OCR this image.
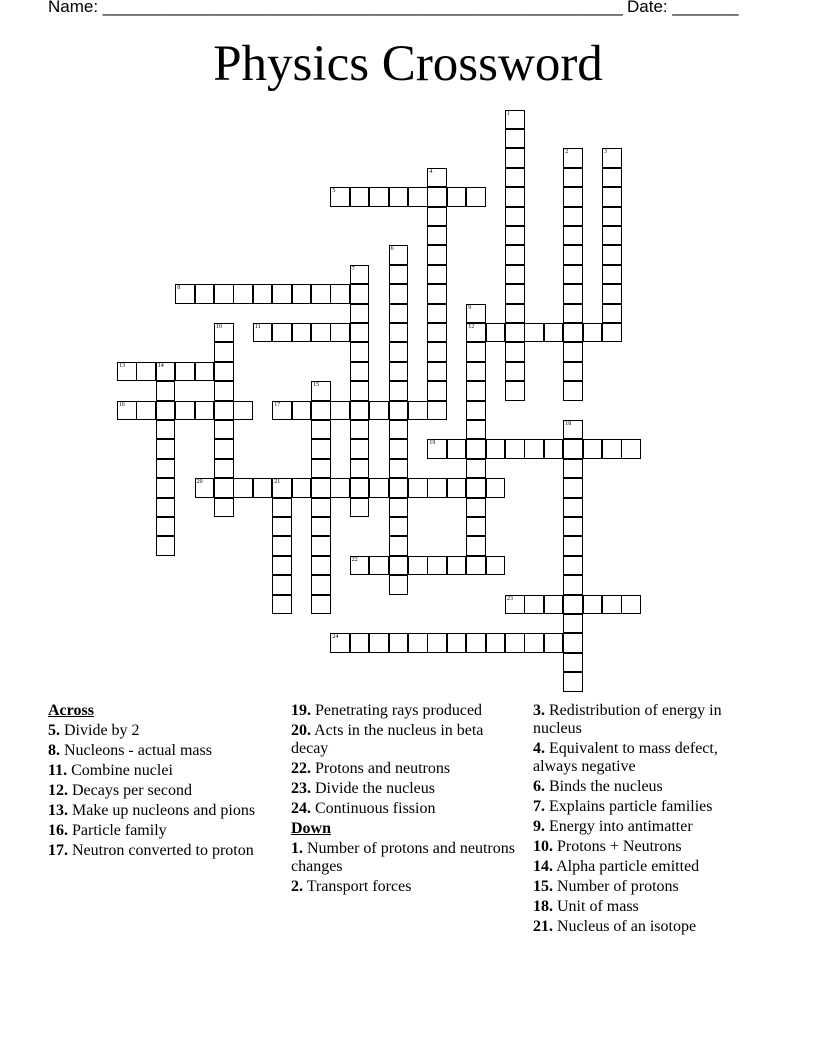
Name: _______________________________________________________ Date: _______
Physics Crossword
1
2	3
4
5
6
7
8
9
12
10	11
13	14
15
16	17
18
19
20	21
22
23
24
Across
5. Divide by 2
8. Nucleons - actual mass
11. Combine nuclei
12. Decays per second
13. Make up nucleons and pions
16. Particle family
17. Neutron converted to proton
19. Penetrating rays produced
20. Acts in the nucleus in beta decay
22. Protons and neutrons
23. Divide the nucleus
24. Continuous fission
Down
1. Number of protons and neutrons changes
2. Transport forces
3. Redistribution of energy in nucleus
4. Equivalent to mass defect, always negative
6. Binds the nucleus
7. Explains particle families
9. Energy into antimatter
10. Protons + Neutrons
14. Alpha particle emitted
15. Number of protons
18. Unit of mass
21. Nucleus of an isotope
